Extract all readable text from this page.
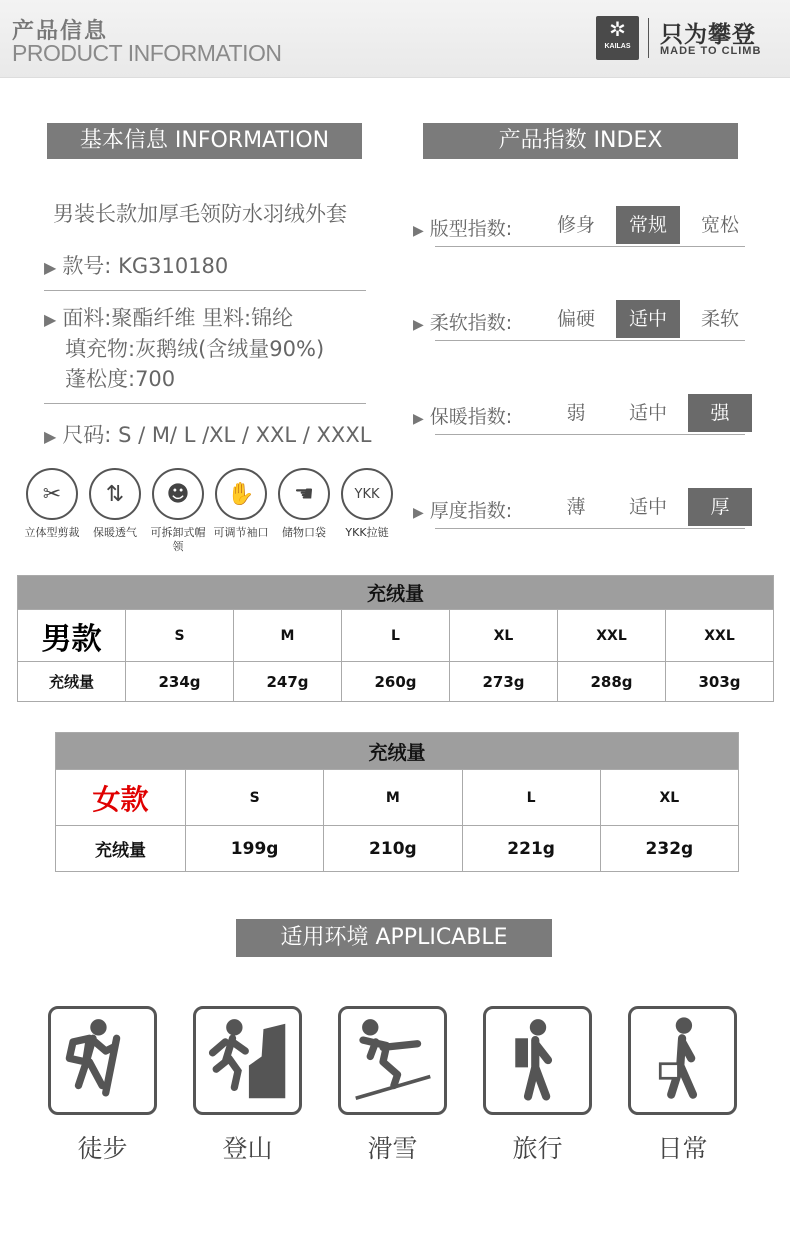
产品信息
PRODUCT INFORMATION
✲
KAILAS	只为攀登
MADE TO CLIMB
基本信息 INFORMATION
男装长款加厚毛领防水羽绒外套
▶ 款号: KG310180
▶ 面料:聚酯纤维 里料:锦纶
填充物:灰鹅绒(含绒量90%)
蓬松度:700
▶ 尺码: S / M/ L /XL / XXL / XXXL
✂
立体型剪裁
⇅
保暖透气
☻
可拆卸式帽领
✋
可调节袖口
☚
储物口袋
YKK
YKK拉链
产品指数 INDEX
▶ 版型指数:	修身	常规	宽松
▶ 柔软指数:	偏硬	适中	柔软
▶ 保暖指数:	弱	适中	强
▶ 厚度指数:	薄	适中	厚
充绒量						
男款	S	M	L	XL	XXL	XXL
充绒量	234g	247g	260g	273g	288g	303g
充绒量				
女款	S	M	L	XL
充绒量	199g	210g	221g	232g
适用环境 APPLICABLE
徒步	登山	滑雪	旅行	日常
